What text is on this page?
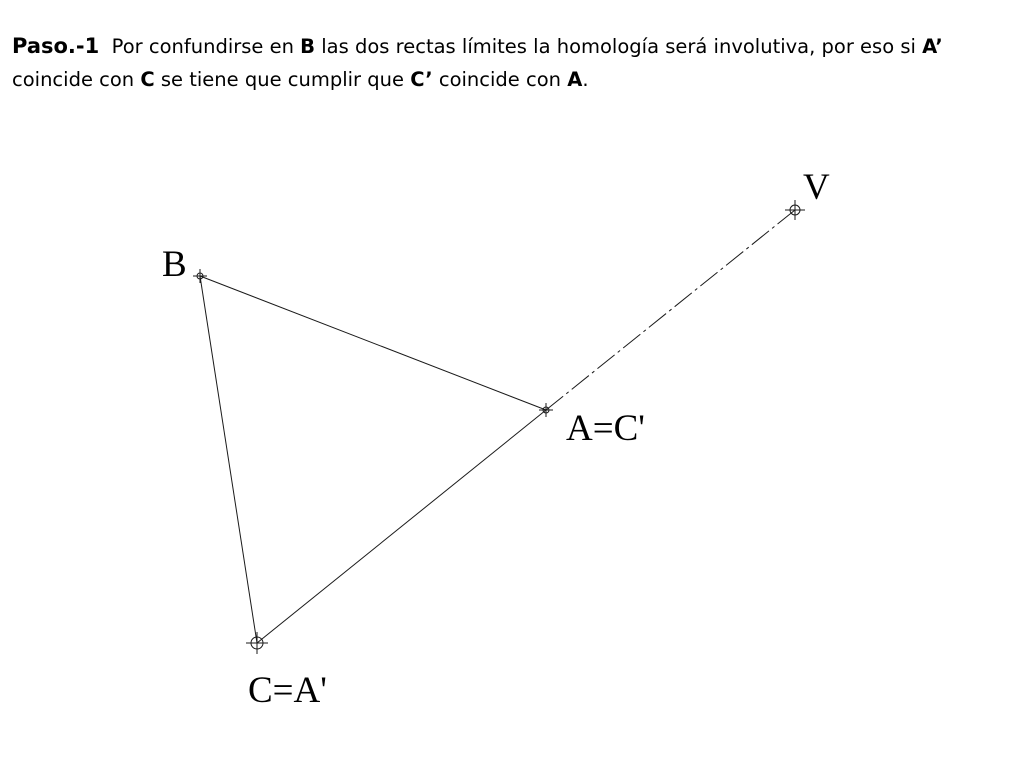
Paso.-1 Por confundirse en B las dos rectas límites la homología será involutiva, por eso si A’
coincide con C se tiene que cumplir que C’ coincide con A.
V
B
A=C'
C=A'
